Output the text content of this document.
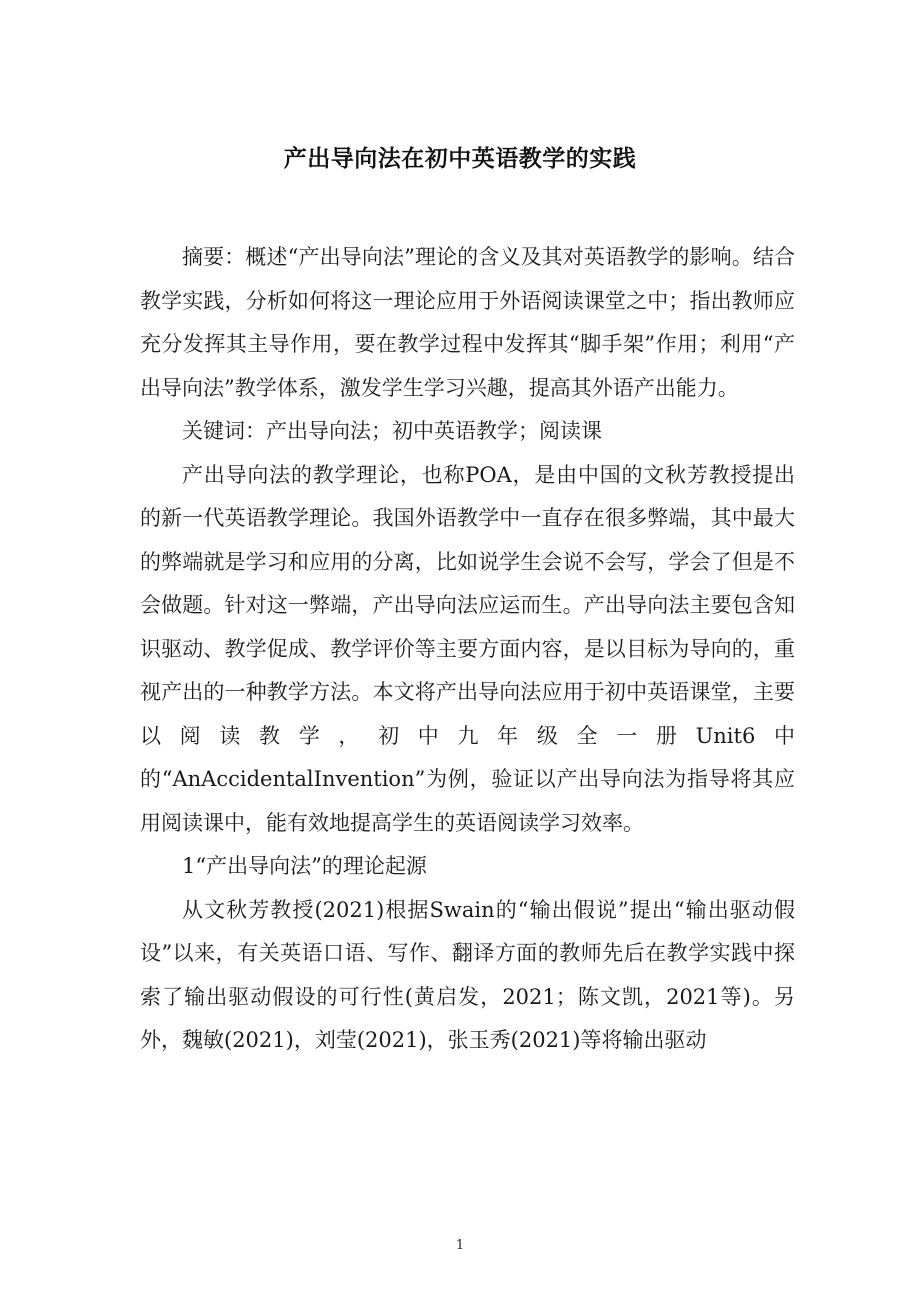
产出导向法在初中英语教学的实践

摘要：概述“产出导向法”理论的含义及其对英语教学的影响。结合教学实践，分析如何将这一理论应用于外语阅读课堂之中；指出教师应充分发挥其主导作用，要在教学过程中发挥其“脚手架”作用；利用“产出导向法”教学体系，激发学生学习兴趣，提高其外语产出能力。

关键词：产出导向法；初中英语教学；阅读课

产出导向法的教学理论，也称POA，是由中国的文秋芳教授提出的新一代英语教学理论。我国外语教学中一直存在很多弊端，其中最大的弊端就是学习和应用的分离，比如说学生会说不会写，学会了但是不会做题。针对这一弊端，产出导向法应运而生。产出导向法主要包含知识驱动、教学促成、教学评价等主要方面内容，是以目标为导向的，重视产出的一种教学方法。本文将产出导向法应用于初中英语课堂，主要以阅读教学，初中九年级全一册Unit6中的“AnAccidentalInvention”为例，验证以产出导向法为指导将其应用阅读课中，能有效地提高学生的英语阅读学习效率。

1“产出导向法”的理论起源

从文秋芳教授(2021)根据Swain的“输出假说”提出“输出驱动假设”以来，有关英语口语、写作、翻译方面的教师先后在教学实践中探索了输出驱动假设的可行性(黄启发，2021；陈文凯，2021等)。另外，魏敏(2021)，刘莹(2021)，张玉秀(2021)等将输出驱动

1
